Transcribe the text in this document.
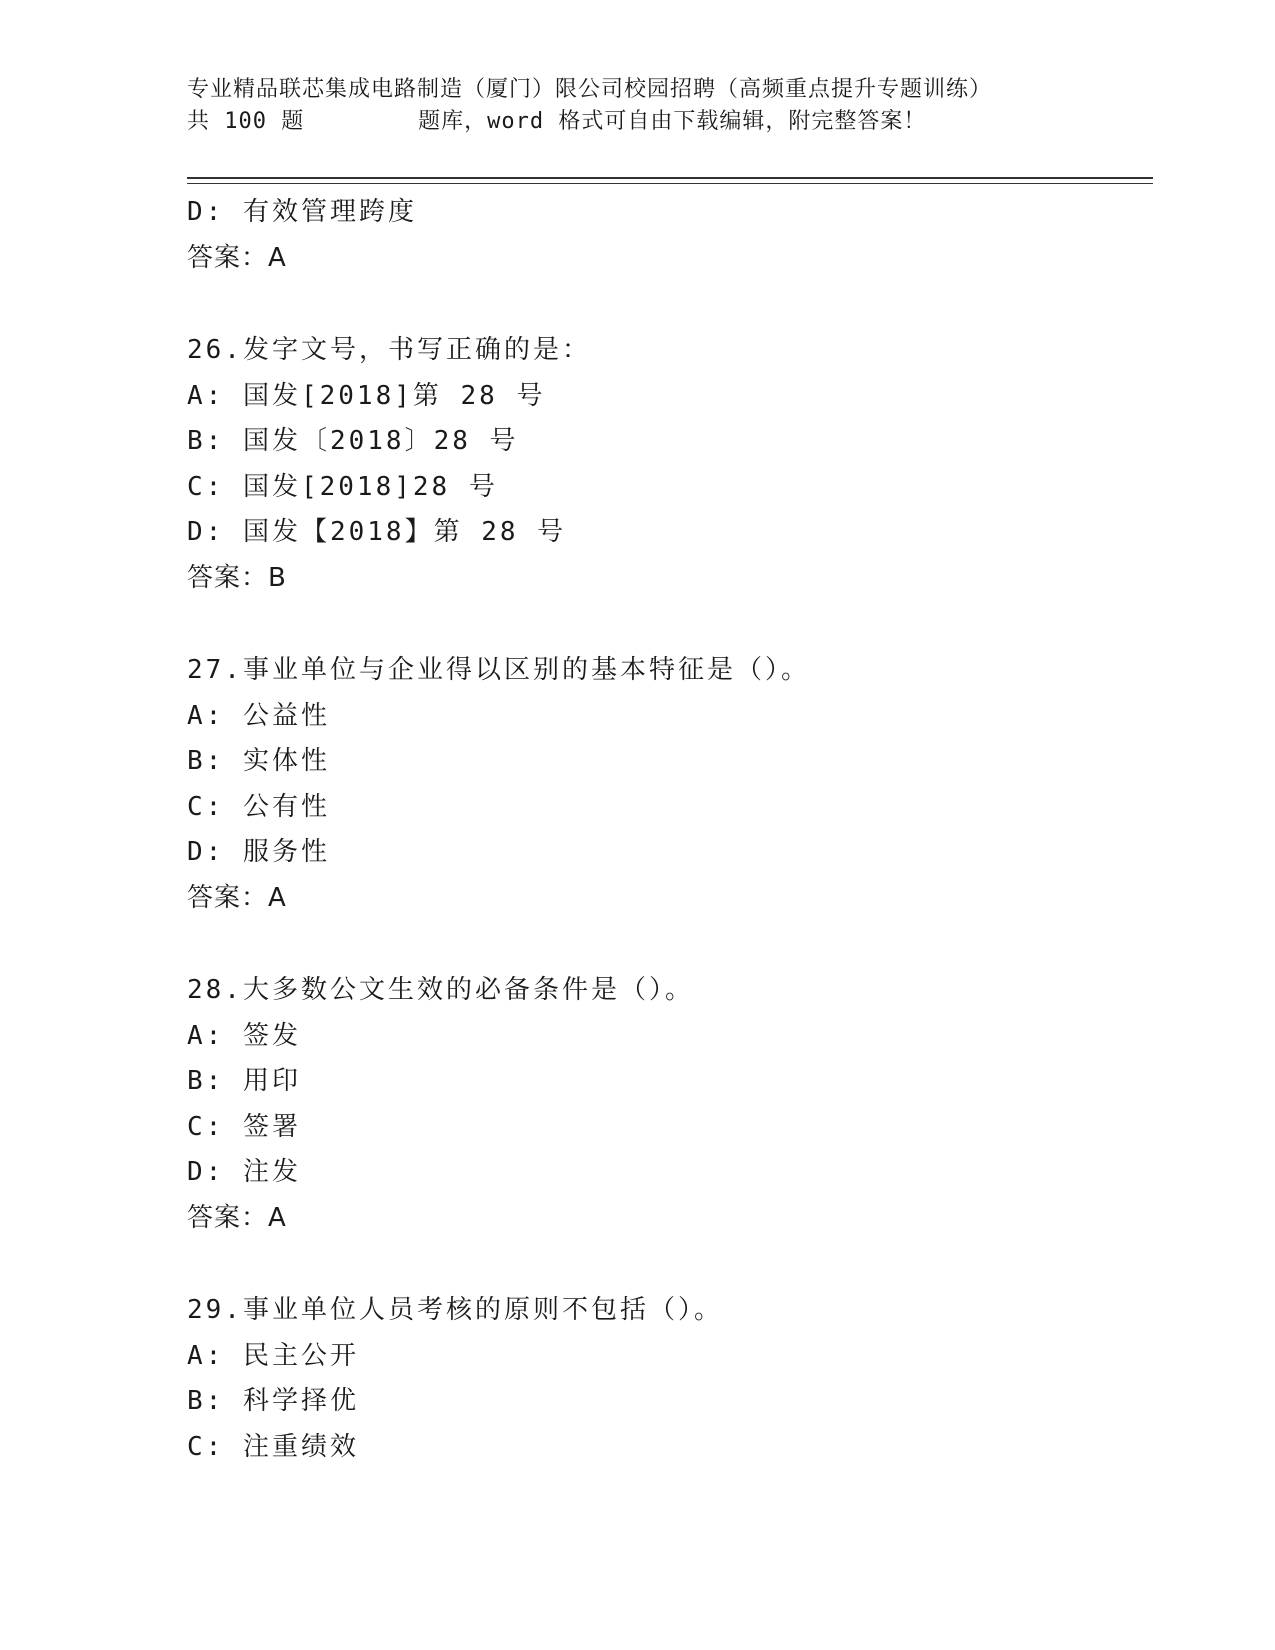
专业精品联芯集成电路制造（厦门）限公司校园招聘（高频重点提升专题训练）
共 100 题        题库，word 格式可自由下载编辑，附完整答案！
D: 有效管理跨度
答案：A
26.发字文号，书写正确的是：
A: 国发[2018]第 28 号
B: 国发〔2018〕28 号
C: 国发[2018]28 号
D: 国发【2018】第 28 号
答案：B
27.事业单位与企业得以区别的基本特征是（）。
A: 公益性
B: 实体性
C: 公有性
D: 服务性
答案：A
28.大多数公文生效的必备条件是（）。
A: 签发
B: 用印
C: 签署
D: 注发
答案：A
29.事业单位人员考核的原则不包括（）。
A: 民主公开
B: 科学择优
C: 注重绩效
